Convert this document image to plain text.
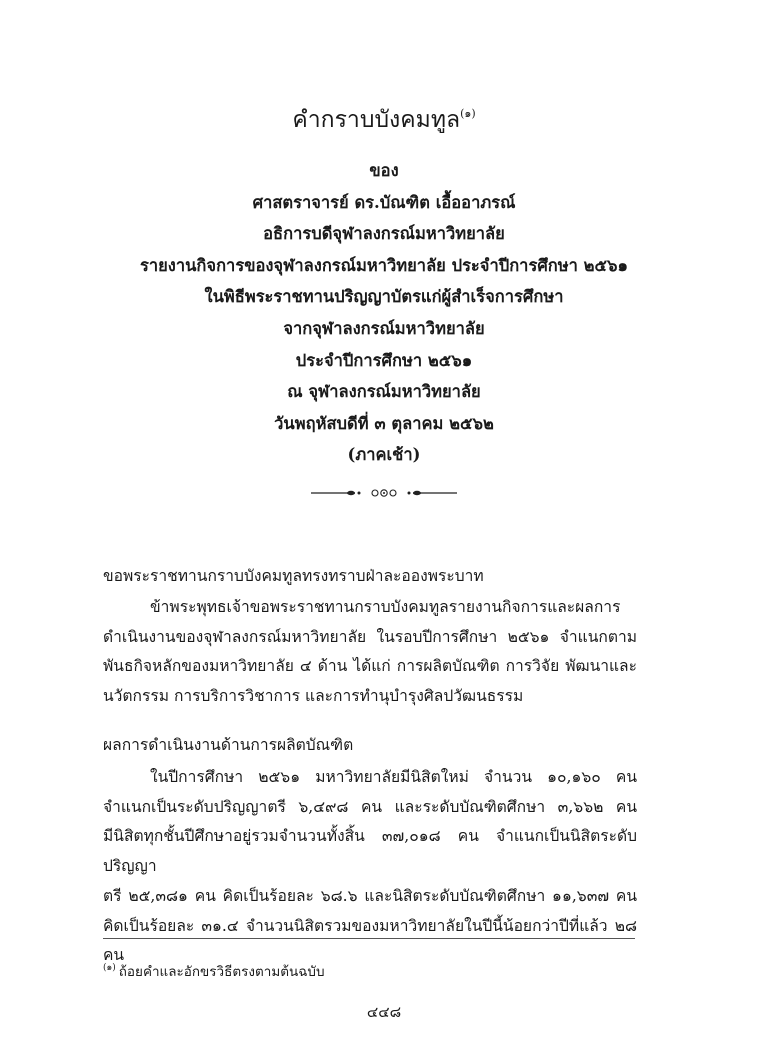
คำกราบบังคมทูล$^{(๑)}$
ของ
ศาสตราจารย์ ดร.บัณฑิต เอื้ออาภรณ์
อธิการบดีจุฬาลงกรณ์มหาวิทยาลัย
รายงานกิจการของจุฬาลงกรณ์มหาวิทยาลัย ประจำปีการศึกษา ๒๕๖๑
ในพิธีพระราชทานปริญญาบัตรแก่ผู้สำเร็จการศึกษา
จากจุฬาลงกรณ์มหาวิทยาลัย
ประจำปีการศึกษา ๒๕๖๑
ณ จุฬาลงกรณ์มหาวิทยาลัย
วันพฤหัสบดีที่ ๓ ตุลาคม ๒๕๖๒
(ภาคเช้า)
ขอพระราชทานกราบบังคมทูลทรงทราบฝ่าละอองพระบาท
ข้าพระพุทธเจ้าขอพระราชทานกราบบังคมทูลรายงานกิจการและผลการ
ดำเนินงานของจุฬาลงกรณ์มหาวิทยาลัย ในรอบปีการศึกษา ๒๕๖๑ จำแนกตาม
พันธกิจหลักของมหาวิทยาลัย ๔ ด้าน ได้แก่ การผลิตบัณฑิต การวิจัย พัฒนาและ
นวัตกรรม การบริการวิชาการ และการทำนุบำรุงศิลปวัฒนธรรม
ผลการดำเนินงานด้านการผลิตบัณฑิต
ในปีการศึกษา ๒๕๖๑ มหาวิทยาลัยมีนิสิตใหม่ จำนวน ๑๐,๑๖๐ คน
จำแนกเป็นระดับปริญญาตรี ๖,๔๙๘ คน และระดับบัณฑิตศึกษา ๓,๖๖๒ คน
มีนิสิตทุกชั้นปีศึกษาอยู่รวมจำนวนทั้งสิ้น ๓๗,๐๑๘ คน จำแนกเป็นนิสิตระดับปริญญา
ตรี ๒๕,๓๘๑ คน คิดเป็นร้อยละ ๖๘.๖ และนิสิตระดับบัณฑิตศึกษา ๑๑,๖๓๗ คน
คิดเป็นร้อยละ ๓๑.๔ จำนวนนิสิตรวมของมหาวิทยาลัยในปีนี้น้อยกว่าปีที่แล้ว ๒๘ คน
$^{(๑)}$ ถ้อยคำและอักขรวิธีตรงตามต้นฉบับ
๔๔๘
